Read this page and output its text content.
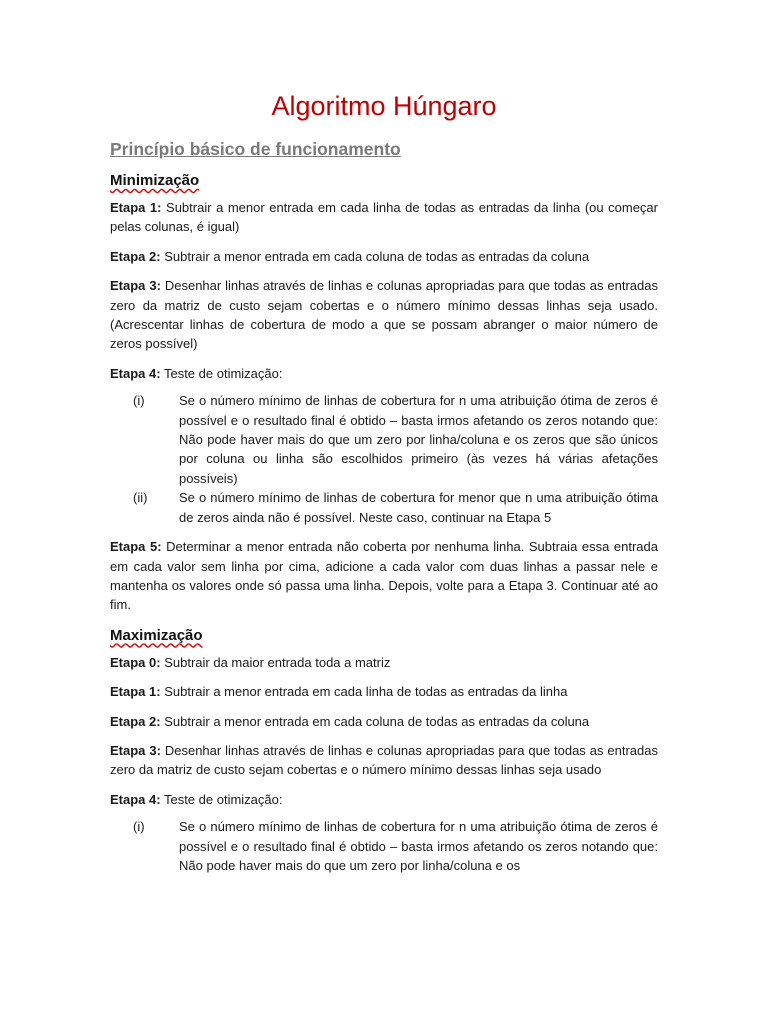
Algoritmo Húngaro
Princípio básico de funcionamento
Minimização

Etapa 1: Subtrair a menor entrada em cada linha de todas as entradas da linha (ou começar pelas colunas, é igual)

Etapa 2: Subtrair a menor entrada em cada coluna de todas as entradas da coluna

Etapa 3: Desenhar linhas através de linhas e colunas apropriadas para que todas as entradas zero da matriz de custo sejam cobertas e o número mínimo dessas linhas seja usado. (Acrescentar linhas de cobertura de modo a que se possam abranger o maior número de zeros possível)

Etapa 4: Teste de otimização:

(i)	Se o número mínimo de linhas de cobertura for n uma atribuição ótima de zeros é possível e o resultado final é obtido – basta irmos afetando os zeros notando que: Não pode haver mais do que um zero por linha/coluna e os zeros que são únicos por coluna ou linha são escolhidos primeiro (às vezes há várias afetações possíveis)
(ii)	Se o número mínimo de linhas de cobertura for menor que n uma atribuição ótima de zeros ainda não é possível. Neste caso, continuar na Etapa 5

Etapa 5: Determinar a menor entrada não coberta por nenhuma linha. Subtraia essa entrada em cada valor sem linha por cima, adicione a cada valor com duas linhas a passar nele e mantenha os valores onde só passa uma linha. Depois, volte para a Etapa 3. Continuar até ao fim.

Maximização

Etapa 0: Subtrair da maior entrada toda a matriz

Etapa 1: Subtrair a menor entrada em cada linha de todas as entradas da linha

Etapa 2: Subtrair a menor entrada em cada coluna de todas as entradas da coluna

Etapa 3: Desenhar linhas através de linhas e colunas apropriadas para que todas as entradas zero da matriz de custo sejam cobertas e o número mínimo dessas linhas seja usado

Etapa 4: Teste de otimização:

(i)	Se o número mínimo de linhas de cobertura for n uma atribuição ótima de zeros é possível e o resultado final é obtido – basta irmos afetando os zeros notando que: Não pode haver mais do que um zero por linha/coluna e os
